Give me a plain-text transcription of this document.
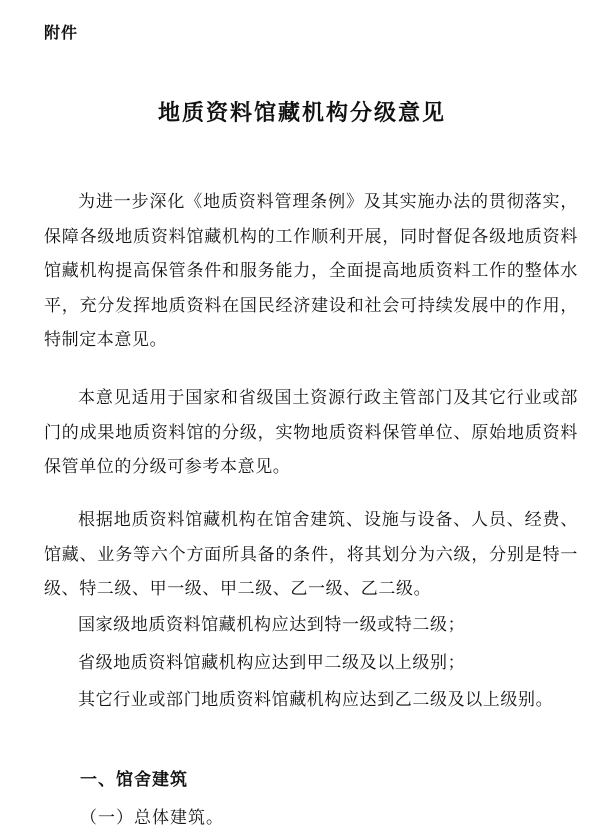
附件
地质资料馆藏机构分级意见

为进一步深化《地质资料管理条例》及其实施办法的贯彻落实，保障各级地质资料馆藏机构的工作顺利开展，同时督促各级地质资料馆藏机构提高保管条件和服务能力，全面提高地质资料工作的整体水平，充分发挥地质资料在国民经济建设和社会可持续发展中的作用，特制定本意见。

本意见适用于国家和省级国土资源行政主管部门及其它行业或部门的成果地质资料馆的分级，实物地质资料保管单位、原始地质资料保管单位的分级可参考本意见。

根据地质资料馆藏机构在馆舍建筑、设施与设备、人员、经费、馆藏、业务等六个方面所具备的条件，将其划分为六级，分别是特一级、特二级、甲一级、甲二级、乙一级、乙二级。

国家级地质资料馆藏机构应达到特一级或特二级；

省级地质资料馆藏机构应达到甲二级及以上级别；

其它行业或部门地质资料馆藏机构应达到乙二级及以上级别。

一、馆舍建筑

（一）总体建筑。
